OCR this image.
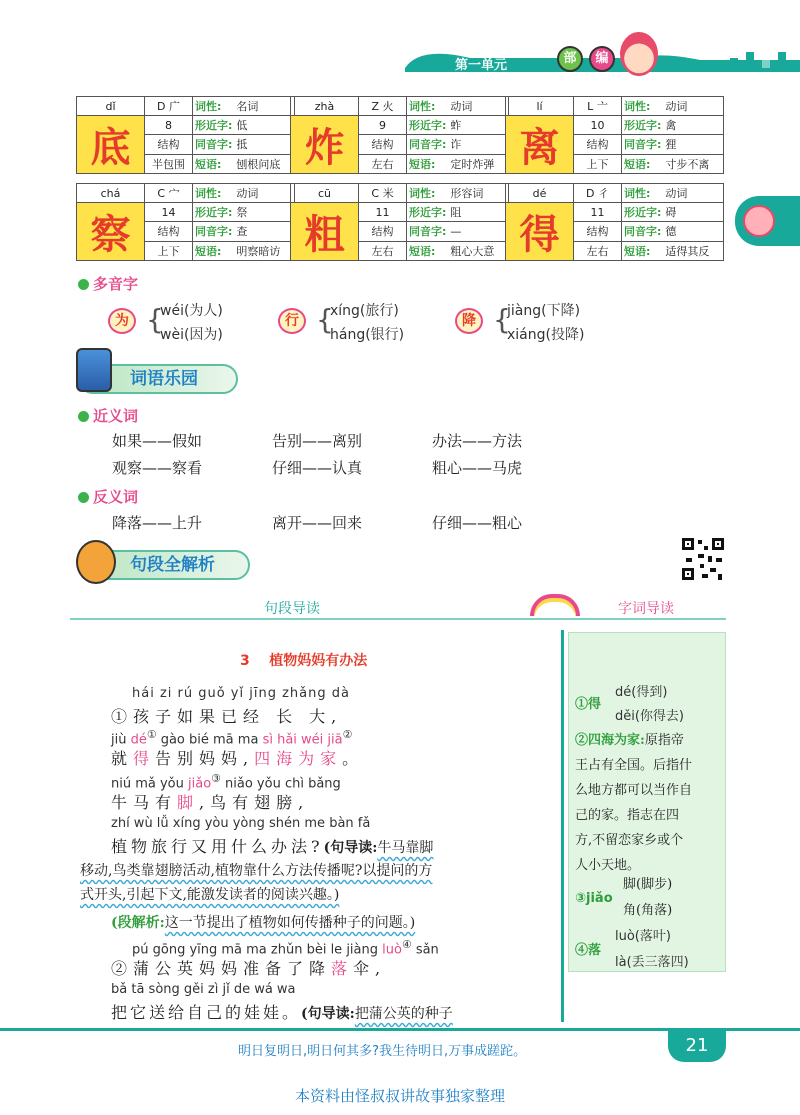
第一单元	部	编
dǐ	D 广	词性:	名词
底	8	形近字:	低
	结构	同音字:	抵
	半包围	短语:	刨根问底
zhà	Z 火	词性:	动词
炸	9	形近字:	蚱
	结构	同音字:	诈
	左右	短语:	定时炸弹
lí	L 亠	词性:	动词
离	10	形近字:	禽
	结构	同音字:	狸
	上下	短语:	寸步不离
chá	C 宀	词性:	动词
察	14	形近字:	祭
	结构	同音字:	查
	上下	短语:	明察暗访
cū	C 米	词性:	形容词
粗	11	形近字:	阻
	结构	同音字:	—
	左右	短语:	粗心大意
dé	D 彳	词性:	动词
得	11	形近字:	碍
	结构	同音字:	德
	左右	短语:	适得其反
多音字
为 {
wéi(为人)
wèi(因为)
行 {
xíng(旅行)
háng(银行)
降 {
jiàng(下降)
xiáng(投降)
词语乐园
近义词
如果——假如	告别——离别	办法——方法
观察——察看	仔细——认真	粗心——马虎
反义词
降落——上升	离开——回来	仔细——粗心
句段全解析
句段导读	字词导读
3 植物妈妈有办法
hái zi rú guǒ yǐ jīng zhǎng dà
①孩子如果已经 长 大,
jiù dé① gào bié mā ma sì hǎi wéi jiā②
就得告别妈妈,四海为家。
niú mǎ yǒu jiǎo③ niǎo yǒu chì bǎng
牛马有脚,鸟有翅膀,
zhí wù lǚ xíng yòu yòng shén me bàn fǎ
植物旅行又用什么办法?(句导读:牛马靠脚
移动,鸟类靠翅膀活动,植物靠什么方法传播呢?以提问的方
式开头,引起下文,能激发读者的阅读兴趣。)
(段解析:这一节提出了植物如何传播种子的问题。)
pú gōng yīng mā ma zhǔn bèi le jiàng luò④ sǎn
②蒲公英妈妈准备了降落伞,
bǎ tā sòng gěi zì jǐ de wá wa
把它送给自己的娃娃。(句导读:把蒲公英的种子
①得
dé(得到)
děi(你得去)
②四海为家:原指帝
王占有全国。后指什
么地方都可以当作自
己的家。指志在四
方,不留恋家乡或个
人小天地。
③jiǎo
脚(脚步)
角(角落)
④落
luò(落叶)
là(丢三落四)
明日复明日,明日何其多?我生待明日,万事成蹉跎。	21
本资料由怪叔叔讲故事独家整理
